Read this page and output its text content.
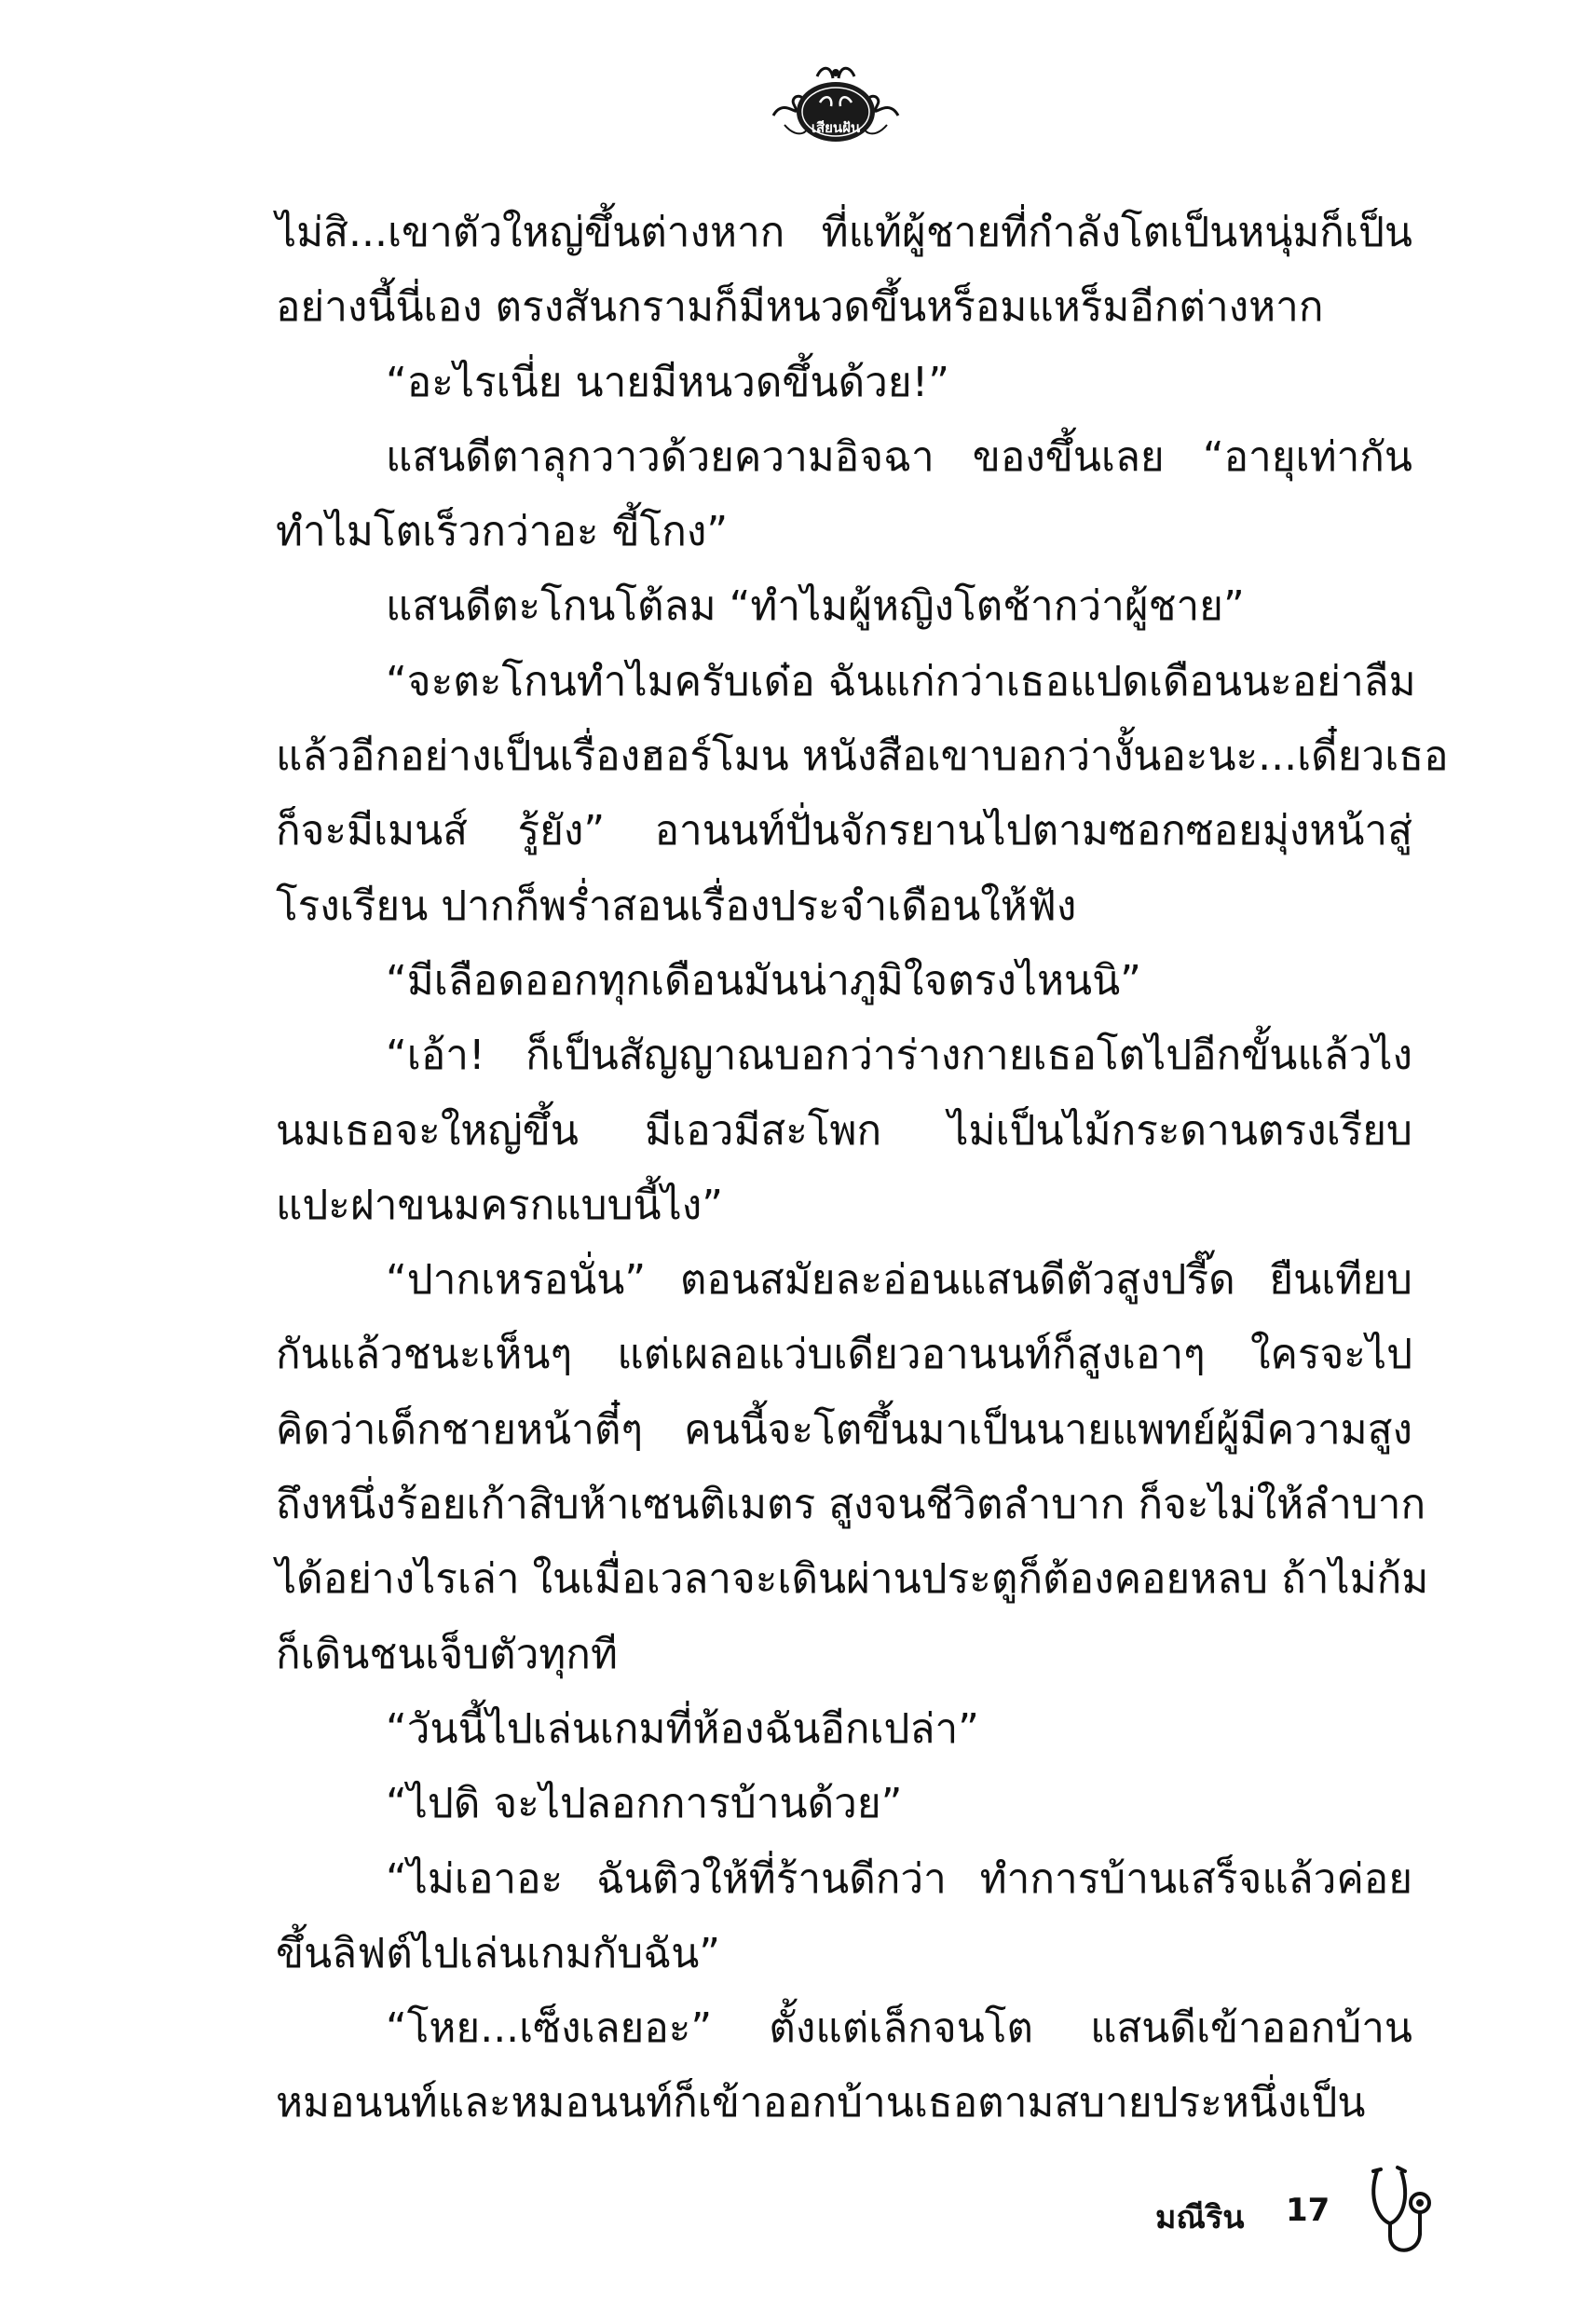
เสียนฝัน
ไม่สิ...เขาตัวใหญ่ขึ้นต่างหาก ที่แท้ผู้ชายที่กำลังโตเป็นหนุ่มก็เป็น
อย่างนี้นี่เอง ตรงสันกรามก็มีหนวดขึ้นหร็อมแหร็มอีกต่างหาก
“อะไรเนี่ย นายมีหนวดขึ้นด้วย!”
แสนดีตาลุกวาวด้วยความอิจฉา ของขึ้นเลย “อายุเท่ากัน
ทำไมโตเร็วกว่าอะ ขี้โกง”
แสนดีตะโกนโต้ลม “ทำไมผู้หญิงโตช้ากว่าผู้ชาย”
“จะตะโกนทำไมครับเด๋อ ฉันแก่กว่าเธอแปดเดือนนะอย่าลืม
แล้วอีกอย่างเป็นเรื่องฮอร์โมน หนังสือเขาบอกว่างั้นอะนะ...เดี๋ยวเธอ
ก็จะมีเมนส์ รู้ยัง” อานนท์ปั่นจักรยานไปตามซอกซอยมุ่งหน้าสู่
โรงเรียน ปากก็พร่ำสอนเรื่องประจำเดือนให้ฟัง
“มีเลือดออกทุกเดือนมันน่าภูมิใจตรงไหนนิ”
“เอ้า! ก็เป็นสัญญาณบอกว่าร่างกายเธอโตไปอีกขั้นแล้วไง
นมเธอจะใหญ่ขึ้น มีเอวมีสะโพก ไม่เป็นไม้กระดานตรงเรียบ
แปะฝาขนมครกแบบนี้ไง”
“ปากเหรอนั่น” ตอนสมัยละอ่อนแสนดีตัวสูงปรี๊ด ยืนเทียบ
กันแล้วชนะเห็นๆ แต่เผลอแว่บเดียวอานนท์ก็สูงเอาๆ ใครจะไป
คิดว่าเด็กชายหน้าตี๋ๆ คนนี้จะโตขึ้นมาเป็นนายแพทย์ผู้มีความสูง
ถึงหนึ่งร้อยเก้าสิบห้าเซนติเมตร สูงจนชีวิตลำบาก ก็จะไม่ให้ลำบาก
ได้อย่างไรเล่า ในเมื่อเวลาจะเดินผ่านประตูก็ต้องคอยหลบ ถ้าไม่ก้ม
ก็เดินชนเจ็บตัวทุกที
“วันนี้ไปเล่นเกมที่ห้องฉันอีกเปล่า”
“ไปดิ จะไปลอกการบ้านด้วย”
“ไม่เอาอะ ฉันติวให้ที่ร้านดีกว่า ทำการบ้านเสร็จแล้วค่อย
ขึ้นลิฟต์ไปเล่นเกมกับฉัน”
“โหย...เซ็งเลยอะ” ตั้งแต่เล็กจนโต แสนดีเข้าออกบ้าน
หมอนนท์และหมอนนท์ก็เข้าออกบ้านเธอตามสบายประหนึ่งเป็น
มณีริน 17
